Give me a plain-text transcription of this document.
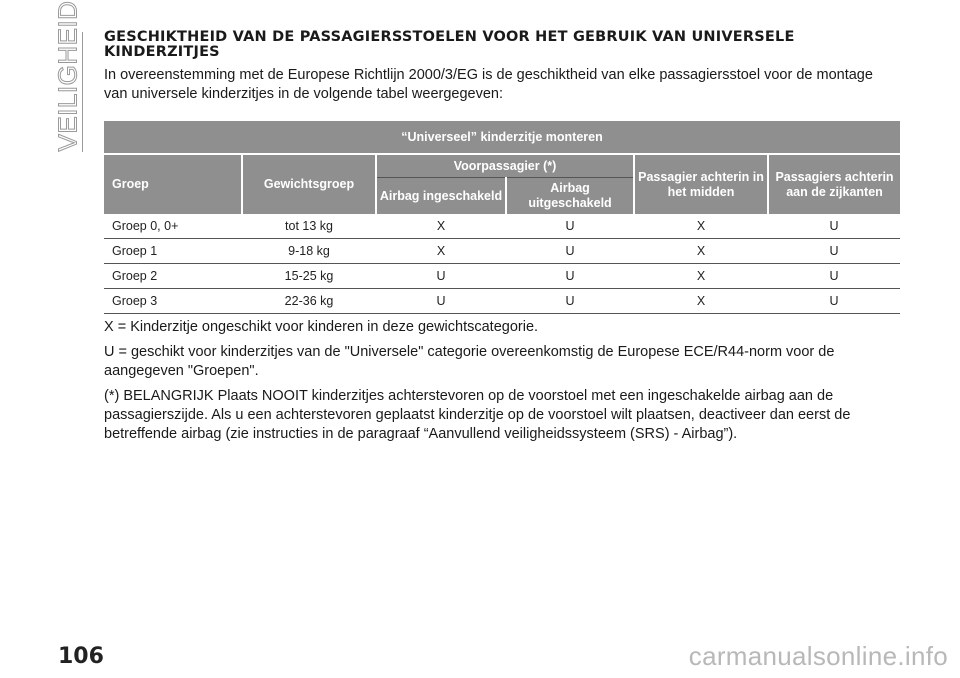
VEILIGHEID GESCHIKTHEID VAN DE PASSAGIERSSTOELEN VOOR HET GEBRUIK VAN UNIVERSELE KINDERZITJES

In overeenstemming met de Europese Richtlijn 2000/3/EG is de geschiktheid van elke passagiersstoel voor de montage van universele kinderzitjes in de volgende tabel weergegeven:

“Universeel” kinderzitje monteren					
Groep	Gewichtsgroep	Voorpassagier (*)		Passagier achterin in het midden	Passagiers achterin aan de zijkanten
		Airbag ingeschakeld	Airbag uitgeschakeld		
Groep 0, 0+	tot 13 kg	X	U	X	U
Groep 1	9-18 kg	X	U	X	U
Groep 2	15-25 kg	U	U	X	U
Groep 3	22-36 kg	U	U	X	U

X = Kinderzitje ongeschikt voor kinderen in deze gewichtscategorie.

U = geschikt voor kinderzitjes van de "Universele" categorie overeenkomstig de Europese ECE/R44-norm voor de aangegeven "Groepen".

(*) BELANGRIJK Plaats NOOIT kinderzitjes achterstevoren op de voorstoel met een ingeschakelde airbag aan de passagierszijde. Als u een achterstevoren geplaatst kinderzitje op de voorstoel wilt plaatsen, deactiveer dan eerst de betreffende airbag (zie instructies in de paragraaf “Aanvullend veiligheidssysteem (SRS) - Airbag”).

106	carmanualsonline.info
